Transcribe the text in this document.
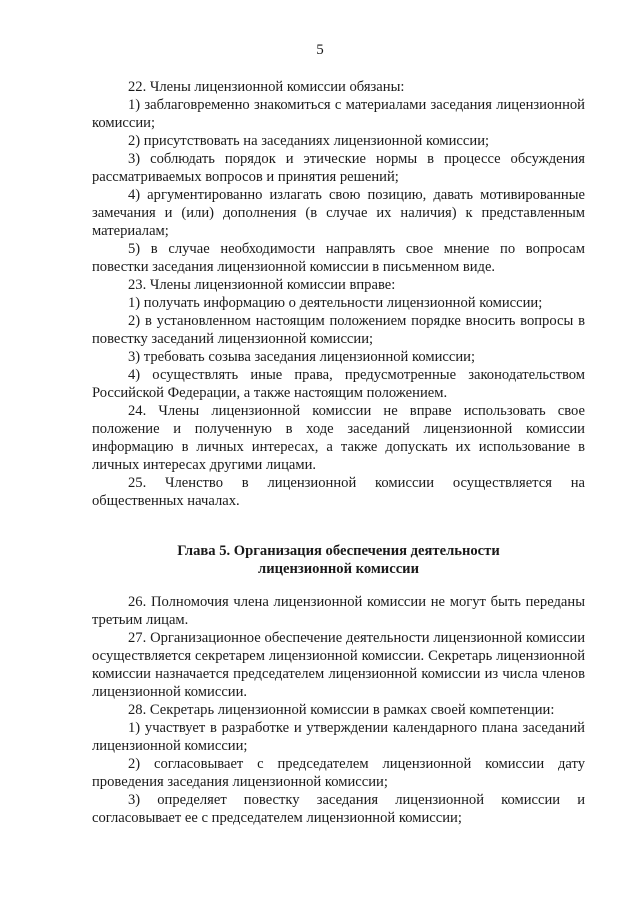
5

22. Члены лицензионной комиссии обязаны:

1) заблаговременно знакомиться с материалами заседания лицензионной комиссии;

2) присутствовать на заседаниях лицензионной комиссии;

3) соблюдать порядок и этические нормы в процессе обсуждения рассматриваемых вопросов и принятия решений;

4) аргументированно излагать свою позицию, давать мотивированные замечания и (или) дополнения (в случае их наличия) к представленным материалам;

5) в случае необходимости направлять свое мнение по вопросам повестки заседания лицензионной комиссии в письменном виде.

23. Члены лицензионной комиссии вправе:

1) получать информацию о деятельности лицензионной комиссии;

2) в установленном настоящим положением порядке вносить вопросы в повестку заседаний лицензионной комиссии;

3) требовать созыва заседания лицензионной комиссии;

4) осуществлять иные права, предусмотренные законодательством Российской Федерации, а также настоящим положением.

24. Члены лицензионной комиссии не вправе использовать свое положение и полученную в ходе заседаний лицензионной комиссии информацию в личных интересах, а также допускать их использование в личных интересах другими лицами.

25. Членство в лицензионной комиссии осуществляется на общественных началах.

Глава 5. Организация обеспечения деятельности
лицензионной комиссии

26. Полномочия члена лицензионной комиссии не могут быть переданы третьим лицам.

27. Организационное обеспечение деятельности лицензионной комиссии осуществляется секретарем лицензионной комиссии. Секретарь лицензионной комиссии назначается председателем лицензионной комиссии из числа членов лицензионной комиссии.

28. Секретарь лицензионной комиссии в рамках своей компетенции:

1) участвует в разработке и утверждении календарного плана заседаний лицензионной комиссии;

2) согласовывает с председателем лицензионной комиссии дату проведения заседания лицензионной комиссии;

3) определяет повестку заседания лицензионной комиссии и согласовывает ее с председателем лицензионной комиссии;
